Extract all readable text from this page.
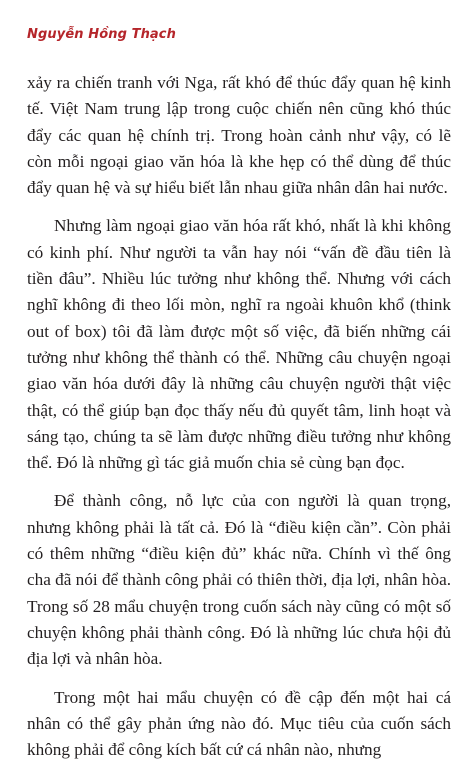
Nguyễn Hồng Thạch

xảy ra chiến tranh với Nga, rất khó để thúc đẩy quan hệ kinh tế. Việt Nam trung lập trong cuộc chiến nên cũng khó thúc đẩy các quan hệ chính trị. Trong hoàn cảnh như vậy, có lẽ còn mỗi ngoại giao văn hóa là khe hẹp có thể dùng để thúc đẩy quan hệ và sự hiểu biết lẫn nhau giữa nhân dân hai nước.

Nhưng làm ngoại giao văn hóa rất khó, nhất là khi không có kinh phí. Như người ta vẫn hay nói “vấn đề đầu tiên là tiền đâu”. Nhiều lúc tưởng như không thể. Nhưng với cách nghĩ không đi theo lối mòn, nghĩ ra ngoài khuôn khổ (think out of box) tôi đã làm được một số việc, đã biến những cái tưởng như không thể thành có thể. Những câu chuyện ngoại giao văn hóa dưới đây là những câu chuyện người thật việc thật, có thể giúp bạn đọc thấy nếu đủ quyết tâm, linh hoạt và sáng tạo, chúng ta sẽ làm được những điều tưởng như không thể. Đó là những gì tác giả muốn chia sẻ cùng bạn đọc.

Để thành công, nỗ lực của con người là quan trọng, nhưng không phải là tất cả. Đó là “điều kiện cần”. Còn phải có thêm những “điều kiện đủ” khác nữa. Chính vì thế ông cha đã nói để thành công phải có thiên thời, địa lợi, nhân hòa. Trong số 28 mẩu chuyện trong cuốn sách này cũng có một số chuyện không phải thành công. Đó là những lúc chưa hội đủ địa lợi và nhân hòa.

Trong một hai mẩu chuyện có đề cập đến một hai cá nhân có thể gây phản ứng nào đó. Mục tiêu của cuốn sách không phải để công kích bất cứ cá nhân nào, nhưng
